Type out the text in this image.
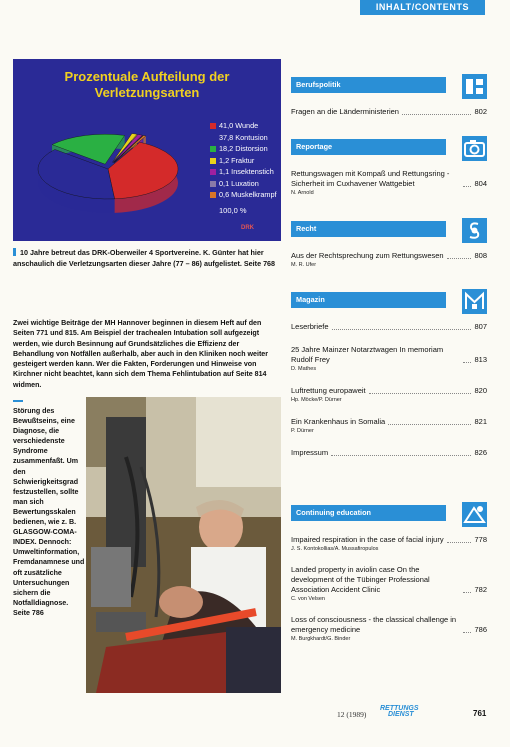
INHALT/CONTENTS
Prozentuale Aufteilung der
Verletzungsarten
41,0 Wunde
37,8 Kontusion
18,2 Distorsion
1,2 Fraktur
1,1 Insektenstich
0,1 Luxation
0,6 Muskelkrampf
100,0 %
DRK
10 Jahre betreut das DRK-Oberweiler 4 Sportvereine. K. Günter hat hier anschaulich die Verletzungsarten dieser Jahre (77 – 86) aufgelistet. Seite 768
Zwei wichtige Beiträge der MH Hannover beginnen in diesem Heft auf den Seiten 771 und 815. Am Beispiel der trachealen Intubation soll aufgezeigt werden, wie durch Besinnung auf Grundsätzliches die Effizienz der Behandlung von Notfällen außerhalb, aber auch in den Kliniken noch weiter gesteigert werden kann. Wer die Fakten, Forderungen und Hinweise von Kirchner nicht beachtet, kann sich dem Thema Fehlintubation auf Seite 814 widmen.
Störung des Bewußtseins, eine Diagnose, die verschiedenste Syndrome zusammenfaßt. Um den Schwierigkeitsgrad festzustellen, sollte man sich Bewertungsskalen bedienen, wie z. B. GLASGOW-COMA-INDEX. Dennoch: Umweltinformation, Fremdanamnese und oft zusätzliche Untersuchungen sichern die Notfalldiagnose. Seite 786
Berufspolitik
Fragen an die Länderministerien	802
Reportage
Rettungswagen mit Kompaß und Rettungsring - Sicherheit im Cuxhavener Wattgebiet	804
N. Arnold
Recht
Aus der Rechtsprechung zum Rettungswesen	808
M. R. Ufer
Magazin
Leserbriefe	807
25 Jahre Mainzer Notarztwagen In memoriam Rudolf Frey	813
D. Mathes
Luftrettung europaweit	820
Hp. Möcke/P. Dürner
Ein Krankenhaus in Somalia	821
P. Dürner
Impressum	826
Continuing education
Impaired respiration in the case of facial injury	778
J. S. Kontokollias/A. Mussafiropulos
Landed property in aviolin case On the development of the Tübinger Professional Association Accident Clinic	782
C. von Velsen
Loss of consciousness - the classical challenge in emergency medicine	786
M. Burgkhardt/G. Binder
12 (1989)
RETTUNGS
DIENST	761
